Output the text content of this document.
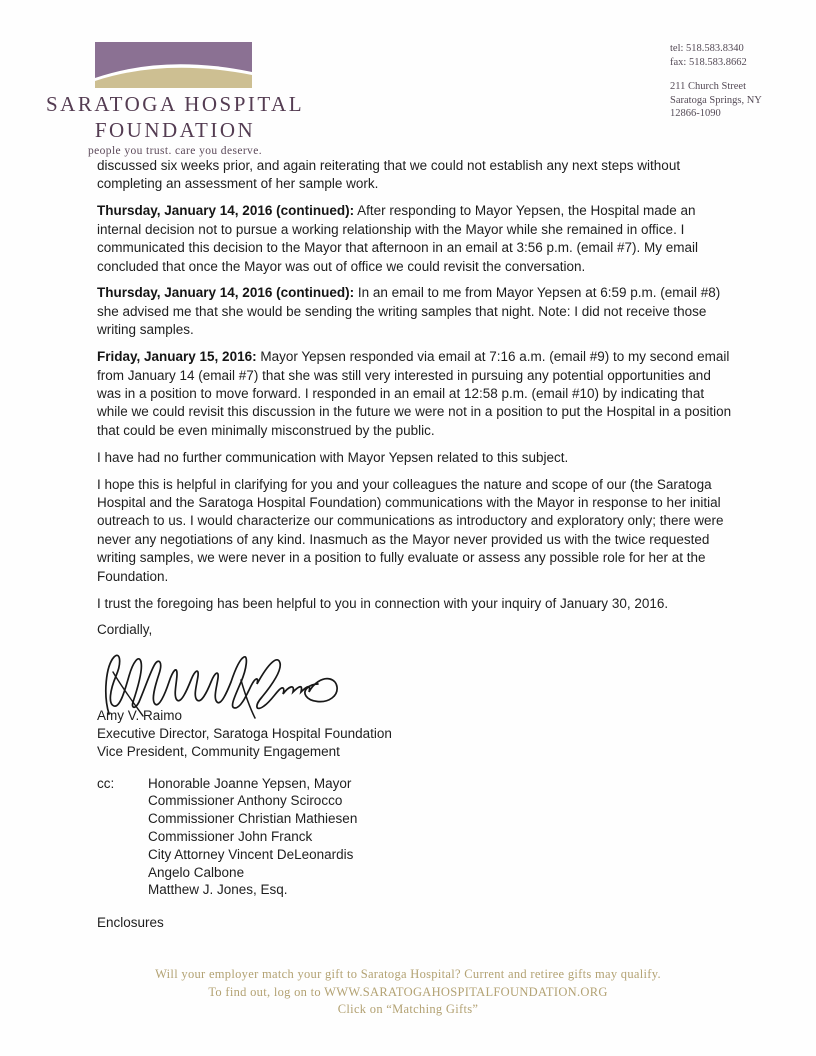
SARATOGA HOSPITAL
FOUNDATION
people you trust. care you deserve.
tel: 518.583.8340
fax: 518.583.8662
211 Church Street
Saratoga Springs, NY
12866-1090

discussed six weeks prior, and again reiterating that we could not establish any next steps without completing an assessment of her sample work.

Thursday, January 14, 2016 (continued): After responding to Mayor Yepsen, the Hospital made an internal decision not to pursue a working relationship with the Mayor while she remained in office. I communicated this decision to the Mayor that afternoon in an email at 3:56 p.m. (email #7). My email concluded that once the Mayor was out of office we could revisit the conversation.

Thursday, January 14, 2016 (continued): In an email to me from Mayor Yepsen at 6:59 p.m. (email #8) she advised me that she would be sending the writing samples that night. Note: I did not receive those writing samples.

Friday, January 15, 2016: Mayor Yepsen responded via email at 7:16 a.m. (email #9) to my second email from January 14 (email #7) that she was still very interested in pursuing any potential opportunities and was in a position to move forward. I responded in an email at 12:58 p.m. (email #10) by indicating that while we could revisit this discussion in the future we were not in a position to put the Hospital in a position that could be even minimally misconstrued by the public.

I have had no further communication with Mayor Yepsen related to this subject.

I hope this is helpful in clarifying for you and your colleagues the nature and scope of our (the Saratoga Hospital and the Saratoga Hospital Foundation) communications with the Mayor in response to her initial outreach to us. I would characterize our communications as introductory and exploratory only; there were never any negotiations of any kind. Inasmuch as the Mayor never provided us with the twice requested writing samples, we were never in a position to fully evaluate or assess any possible role for her at the Foundation.

I trust the foregoing has been helpful to you in connection with your inquiry of January 30, 2016.

Cordially,

Amy V. Raimo
Executive Director, Saratoga Hospital Foundation
Vice President, Community Engagement
cc:	Honorable Joanne Yepsen, Mayor
Commissioner Anthony Scirocco
Commissioner Christian Mathiesen
Commissioner John Franck
City Attorney Vincent DeLeonardis
Angelo Calbone
Matthew J. Jones, Esq.
Enclosures
Will your employer match your gift to Saratoga Hospital? Current and retiree gifts may qualify.
To find out, log on to WWW.SARATOGAHOSPITALFOUNDATION.ORG
Click on “Matching Gifts”
